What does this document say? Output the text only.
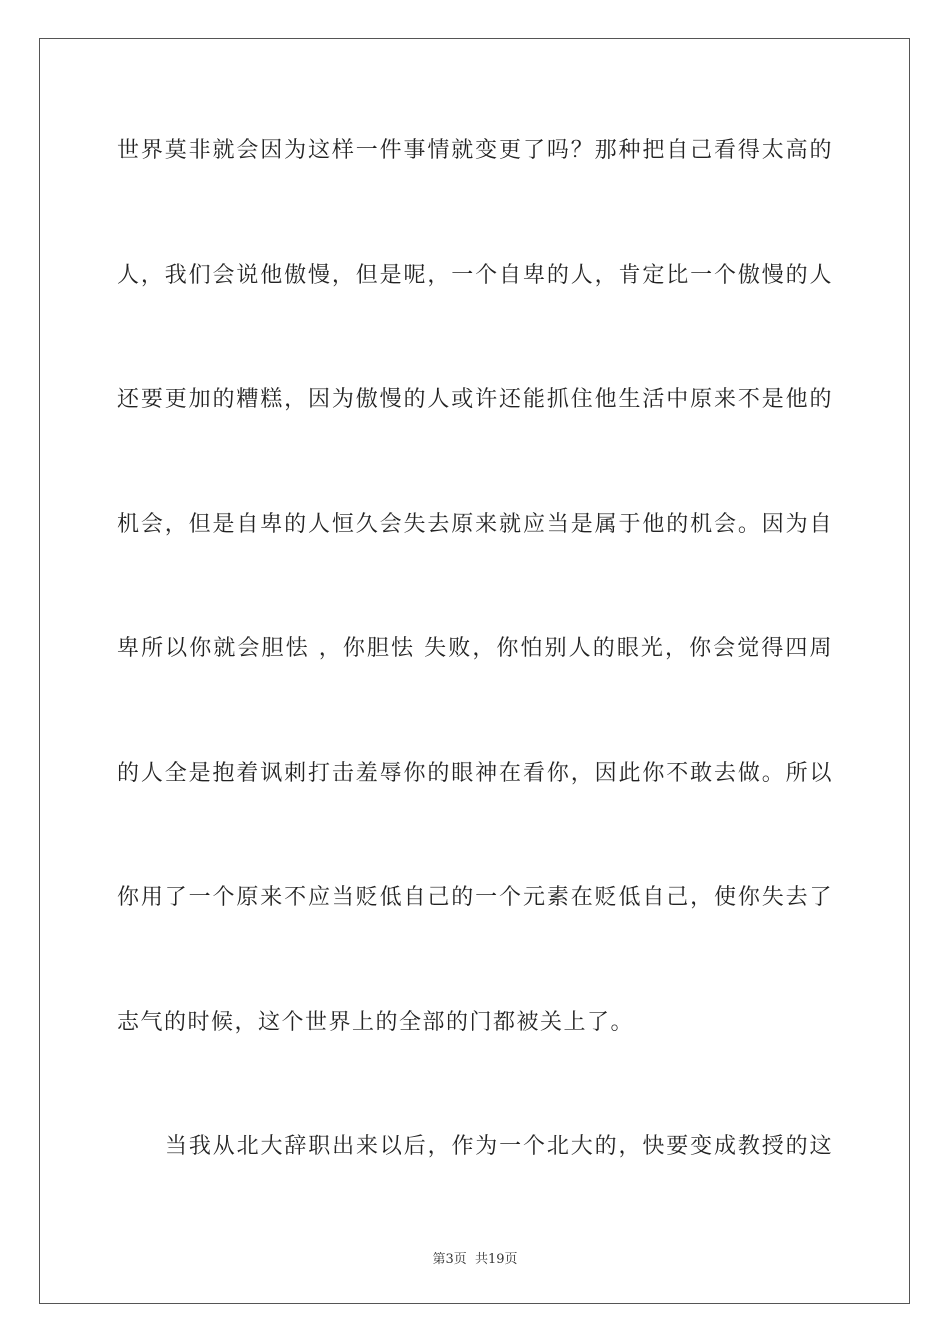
世界莫非就会因为这样一件事情就变更了吗？那种把自己看得太高的
人，我们会说他傲慢，但是呢，一个自卑的人，肯定比一个傲慢的人
还要更加的糟糕，因为傲慢的人或许还能抓住他生活中原来不是他的
机会，但是自卑的人恒久会失去原来就应当是属于他的机会。因为自
卑所以你就会胆怯 ，你胆怯 失败，你怕别人的眼光，你会觉得四周
的人全是抱着讽刺打击羞辱你的眼神在看你，因此你不敢去做。所以
你用了一个原来不应当贬低自己的一个元素在贬低自己，使你失去了
志气的时候，这个世界上的全部的门都被关上了。
当我从北大辞职出来以后，作为一个北大的，快要变成教授的这
第3页 共19页
